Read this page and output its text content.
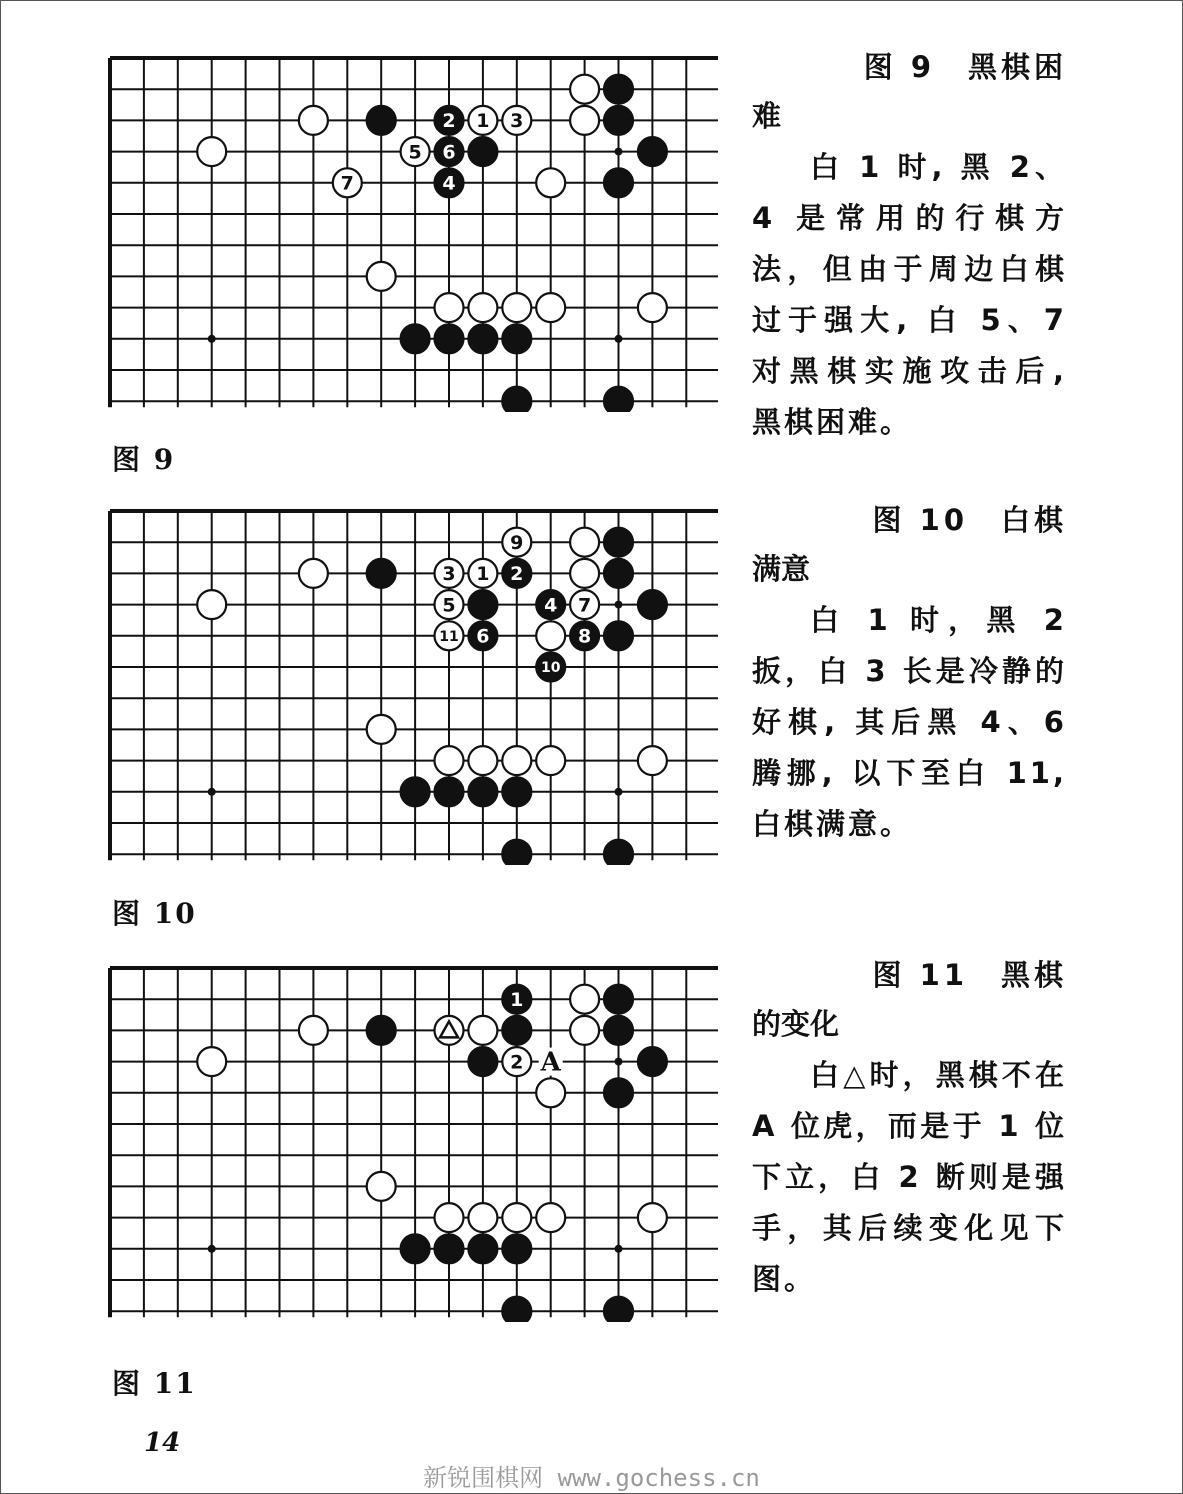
2 1 3
5 6
7	4
图 9
图 9　黑棋困
难
白 1 时, 黑 2、4 是常用的行棋方法，但由于周边白棋过于强大, 白 5、7 对黑棋实施攻击后, 黑棋困难。
9
3 1 2
5	4 7
11 6	8
10
图 10
图 10　白棋
满意
白 1 时，黑 2 扳，白 3 长是冷静的好棋, 其后黑 4、6 腾挪, 以下至白 11, 白棋满意。
A
1
2
图 11
图 11　黑棋
的变化
白△时，黑棋不在 A 位虎，而是于 1 位下立，白 2 断则是强手，其后续变化见下图。
14
新锐围棋网 www.gochess.cn
